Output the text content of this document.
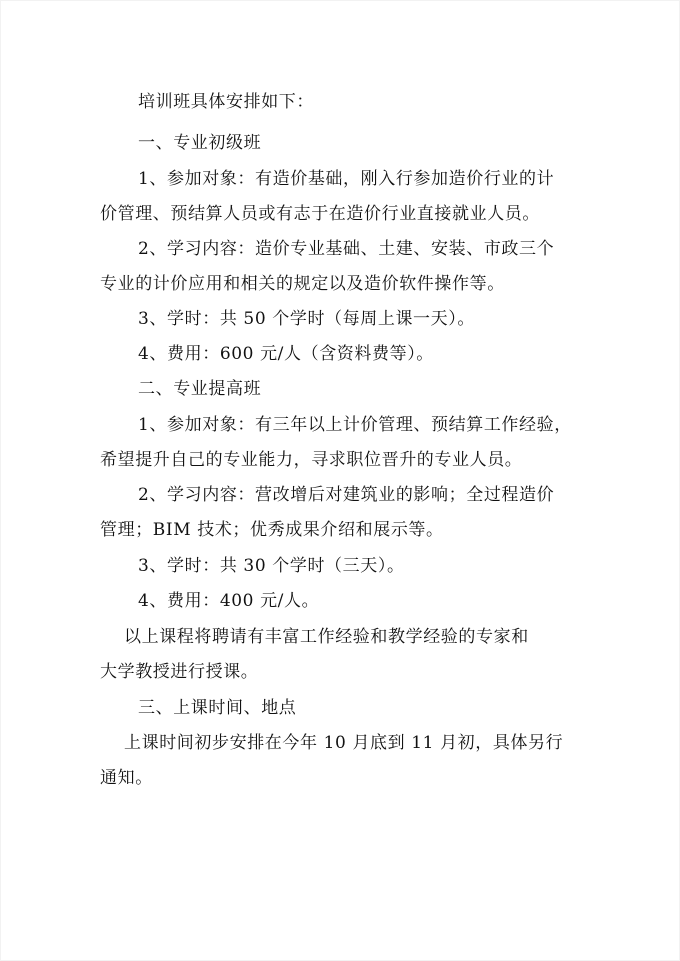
培训班具体安排如下：

一、专业初级班

1、参加对象：有造价基础，刚入行参加造价行业的计

价管理、预结算人员或有志于在造价行业直接就业人员。

2、学习内容：造价专业基础、土建、安装、市政三个

专业的计价应用和相关的规定以及造价软件操作等。

3、学时：共 50 个学时（每周上课一天）。

4、费用：600 元/人（含资料费等）。

二、专业提高班

1、参加对象：有三年以上计价管理、预结算工作经验，

希望提升自己的专业能力，寻求职位晋升的专业人员。

2、学习内容：营改增后对建筑业的影响；全过程造价

管理；BIM 技术；优秀成果介绍和展示等。

3、学时：共 30 个学时（三天）。

4、费用：400 元/人。

以上课程将聘请有丰富工作经验和教学经验的专家和

大学教授进行授课。

三、上课时间、地点

上课时间初步安排在今年 10 月底到 11 月初，具体另行

通知。
